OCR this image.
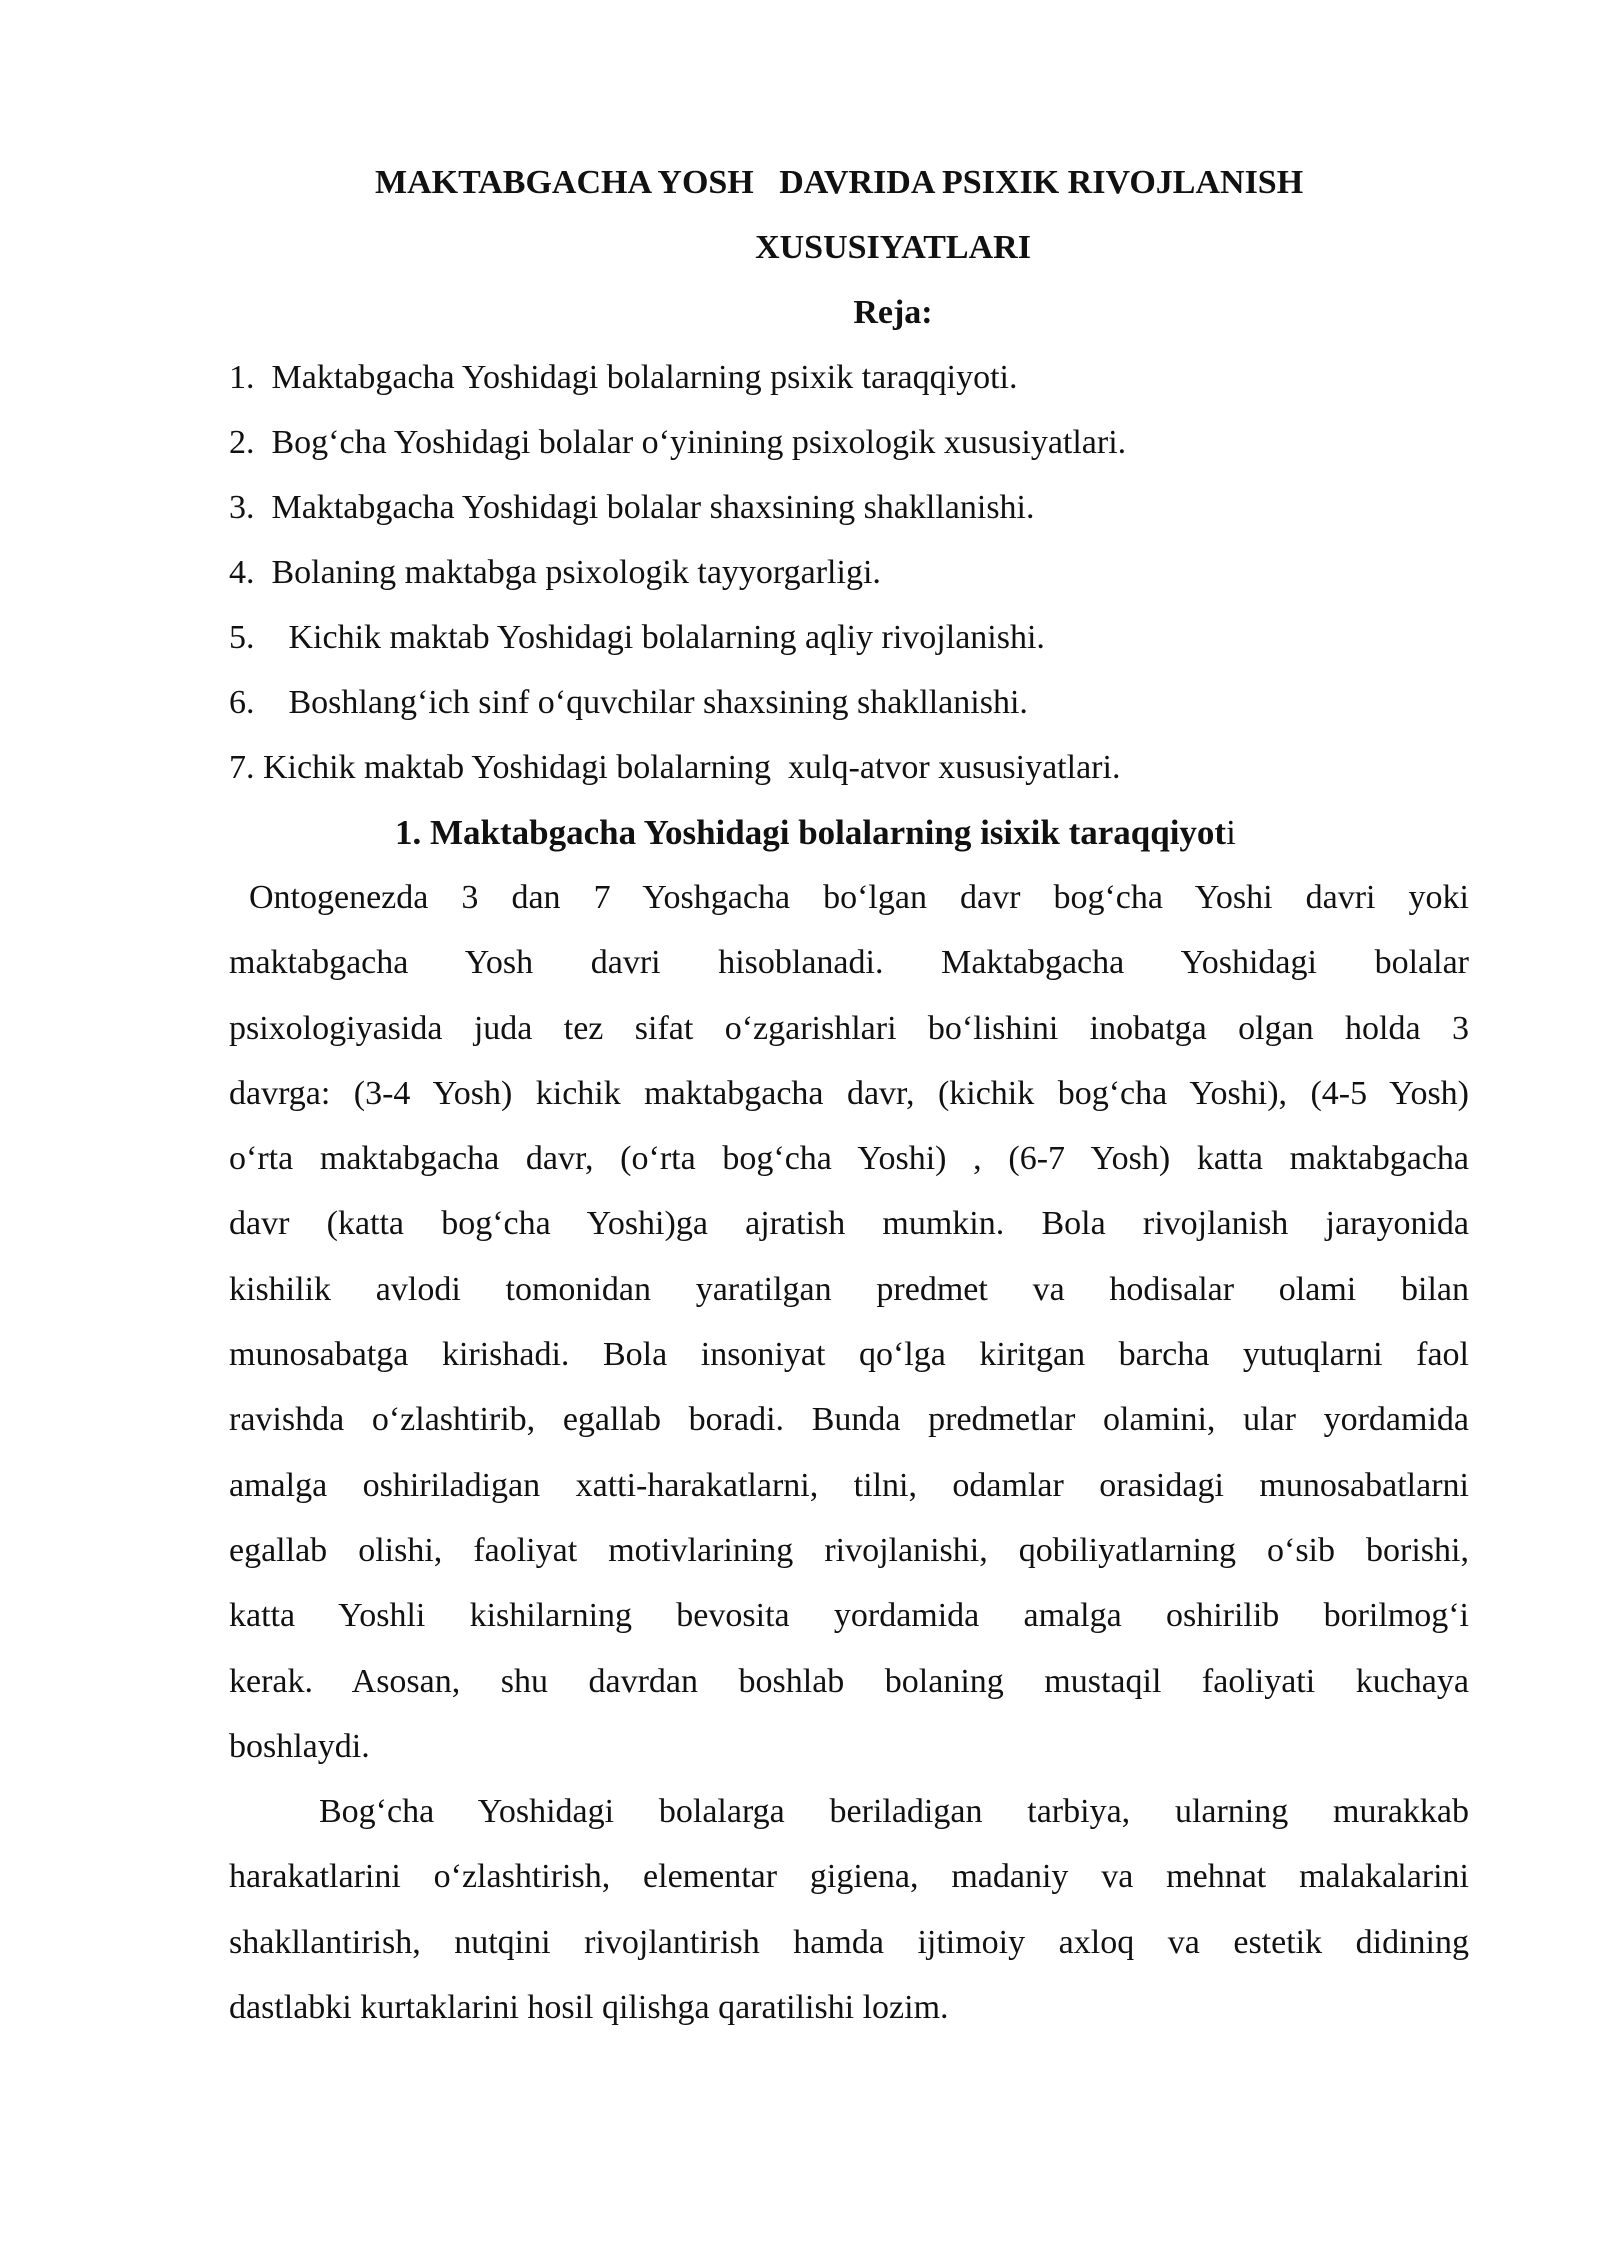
MAKTABGACHA YOSH   DAVRIDA PSIXIK RIVOJLANISH
XUSUSIYATLARI
Reja:
1.  Maktabgacha Yoshidagi bolalarning psixik taraqqiyoti.
2.  Bog‘cha Yoshidagi bolalar o‘yinining psixologik xususiyatlari.
3.  Maktabgacha Yoshidagi bolalar shaxsining shakllanishi.
4.  Bolaning maktabga psixologik tayyorgarligi.
5.    Kichik maktab Yoshidagi bolalarning aqliy rivojlanishi.
6.    Boshlang‘ich sinf o‘quvchilar shaxsining shakllanishi.
7. Kichik maktab Yoshidagi bolalarning  xulq-atvor xususiyatlari.
1. Maktabgacha Yoshidagi bolalarning isixik taraqqiyoti

Ontogenezda 3 dan 7 Yoshgacha bo‘lgan davr bog‘cha Yoshi davri yoki
maktabgacha Yosh davri hisoblanadi. Maktabgacha Yoshidagi bolalar
psixologiyasida juda tez sifat o‘zgarishlari bo‘lishini inobatga olgan holda 3
davrga: (3-4 Yosh) kichik maktabgacha davr, (kichik bog‘cha Yoshi), (4-5 Yosh)
o‘rta maktabgacha davr, (o‘rta bog‘cha Yoshi) , (6-7 Yosh) katta maktabgacha
davr (katta bog‘cha Yoshi)ga ajratish mumkin. Bola rivojlanish jarayonida
kishilik avlodi tomonidan yaratilgan predmet va hodisalar olami bilan
munosabatga kirishadi. Bola insoniyat qo‘lga kiritgan barcha yutuqlarni faol
ravishda o‘zlashtirib, egallab boradi. Bunda predmetlar olamini, ular yordamida
amalga oshiriladigan xatti-harakatlarni, tilni, odamlar orasidagi munosabatlarni
egallab olishi, faoliyat motivlarining rivojlanishi, qobiliyatlarning o‘sib borishi,
katta Yoshli kishilarning bevosita yordamida amalga oshirilib borilmog‘i
kerak. Asosan, shu davrdan boshlab bolaning mustaqil faoliyati kuchaya
boshlaydi.

Bog‘cha Yoshidagi bolalarga beriladigan tarbiya, ularning murakkab
harakatlarini o‘zlashtirish, elementar gigiena, madaniy va mehnat malakalarini
shakllantirish, nutqini rivojlantirish hamda ijtimoiy axloq va estetik didining
dastlabki kurtaklarini hosil qilishga qaratilishi lozim.
